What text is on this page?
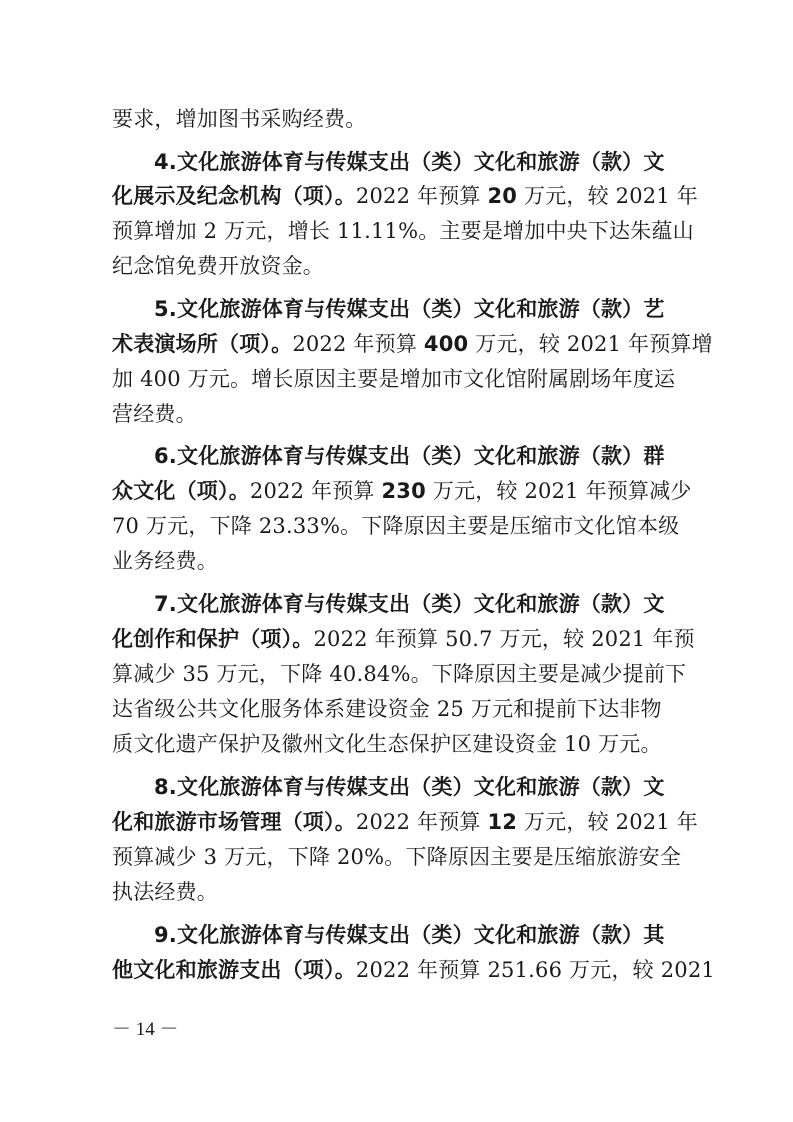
要求，增加图书采购经费。
4.文化旅游体育与传媒支出（类）文化和旅游（款）文
化展示及纪念机构（项）。2022 年预算 20 万元，较 2021 年
预算增加 2 万元，增长 11.11%。主要是增加中央下达朱蕴山
纪念馆免费开放资金。
5.文化旅游体育与传媒支出（类）文化和旅游（款）艺
术表演场所（项）。2022 年预算 400 万元，较 2021 年预算增
加 400 万元。增长原因主要是增加市文化馆附属剧场年度运
营经费。
6.文化旅游体育与传媒支出（类）文化和旅游（款）群
众文化（项）。2022 年预算 230 万元，较 2021 年预算减少
70 万元，下降 23.33%。下降原因主要是压缩市文化馆本级
业务经费。
7.文化旅游体育与传媒支出（类）文化和旅游（款）文
化创作和保护（项）。2022 年预算 50.7 万元，较 2021 年预
算减少 35 万元，下降 40.84%。下降原因主要是减少提前下
达省级公共文化服务体系建设资金 25 万元和提前下达非物
质文化遗产保护及徽州文化生态保护区建设资金 10 万元。
8.文化旅游体育与传媒支出（类）文化和旅游（款）文
化和旅游市场管理（项）。2022 年预算 12 万元，较 2021 年
预算减少 3 万元，下降 20%。下降原因主要是压缩旅游安全
执法经费。
9.文化旅游体育与传媒支出（类）文化和旅游（款）其
他文化和旅游支出（项）。2022 年预算 251.66 万元，较 2021
－ 14 －
